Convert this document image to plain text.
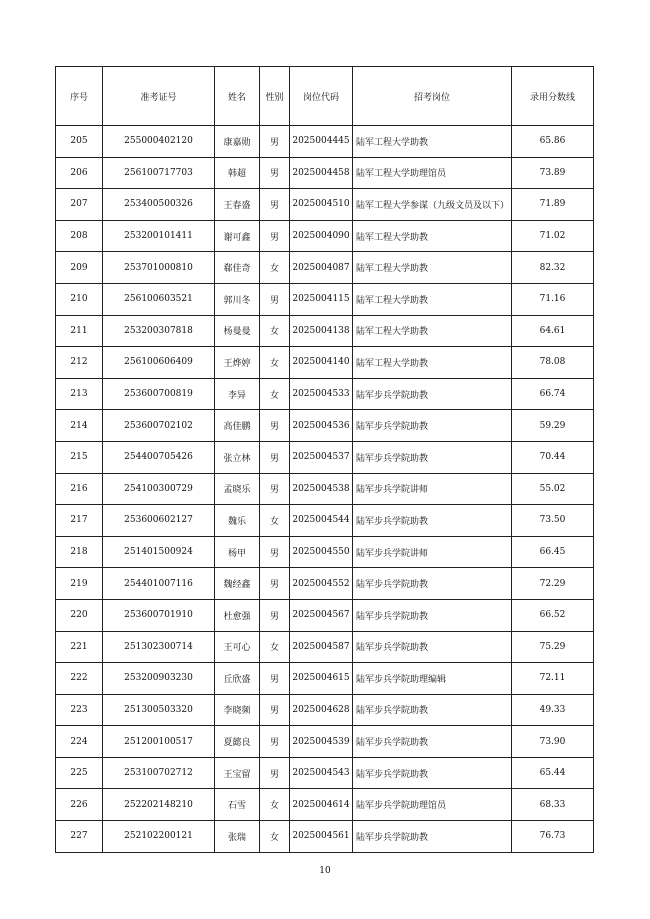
序号	准考证号	姓名	性别	岗位代码	招考岗位	录用分数线
205	255000402120	康嘉勋	男	2025004445	陆军工程大学助教	65.86
206	256100717703	韩超	男	2025004458	陆军工程大学助理馆员	73.89
207	253400500326	王春盛	男	2025004510	陆军工程大学参谋（九级文员及以下）	71.89
208	253200101411	谢可鑫	男	2025004090	陆军工程大学助教	71.02
209	253701000810	郗佳奇	女	2025004087	陆军工程大学助教	82.32
210	256100603521	郭川冬	男	2025004115	陆军工程大学助教	71.16
211	253200307818	杨曼曼	女	2025004138	陆军工程大学助教	64.61
212	256100606409	王烨婷	女	2025004140	陆军工程大学助教	78.08
213	253600700819	李异	女	2025004533	陆军步兵学院助教	66.74
214	253600702102	高佳鹏	男	2025004536	陆军步兵学院助教	59.29
215	254400705426	张立林	男	2025004537	陆军步兵学院助教	70.44
216	254100300729	孟晓乐	男	2025004538	陆军步兵学院讲师	55.02
217	253600602127	魏乐	女	2025004544	陆军步兵学院助教	73.50
218	251401500924	杨甲	男	2025004550	陆军步兵学院讲师	66.45
219	254401007116	魏经鑫	男	2025004552	陆军步兵学院助教	72.29
220	253600701910	杜愈强	男	2025004567	陆军步兵学院助教	66.52
221	251302300714	王可心	女	2025004587	陆军步兵学院助教	75.29
222	253200903230	丘欣盛	男	2025004615	陆军步兵学院助理编辑	72.11
223	251300503320	李晓频	男	2025004628	陆军步兵学院助教	49.33
224	251200100517	夏懿良	男	2025004539	陆军步兵学院助教	73.90
225	253100702712	王宝留	男	2025004543	陆军步兵学院助教	65.44
226	252202148210	石雪	女	2025004614	陆军步兵学院助理馆员	68.33
227	252102200121	张瑞	女	2025004561	陆军步兵学院助教	76.73
10
